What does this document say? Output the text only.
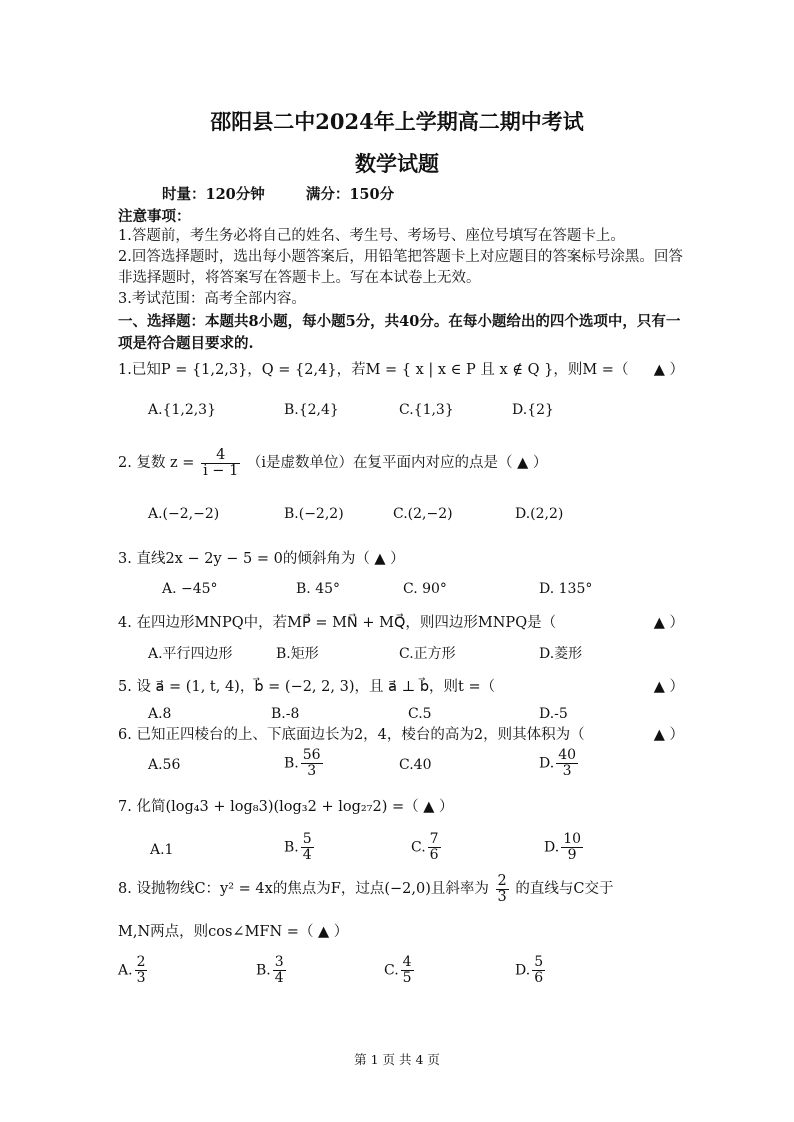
邵阳县二中2024年上学期高二期中考试
数学试题
时量：120分钟	满分：150分
注意事项：
1.答题前，考生务必将自己的姓名、考生号、考场号、座位号填写在答题卡上。
2.回答选择题时，选出每小题答案后，用铅笔把答题卡上对应题目的答案标号涂黑。回答非选择题时，将答案写在答题卡上。写在本试卷上无效。
3.考试范围：高考全部内容。
一、选择题：本题共8小题，每小题5分，共40分。在每小题给出的四个选项中，只有一项是符合题目要求的.
1.已知P = {1,2,3}，Q = {2,4}，若M = { x | x ∈ P 且 x ∉ Q }，则M =（ ▲ ）
A.{1,2,3}	B.{2,4}	C.{1,3}	D.{2}
2. 复数 $z = \frac{4}{i - 1} (i$是虚数单位）在复平面内对应的点是（ ▲ ）
A.(−2,−2)	B.(−2,2)	C.(2,−2)	D.(2,2)
3. 直线2x − 2y − 5 = 0的倾斜角为（ ▲ ）
A. −45°	B. 45°	C. 90°	D. 135°
4. 在四边形MNPQ中，若MP⃗ = MN⃗ + MQ⃗，则四边形MNPQ是（	▲ ）
A.平行四边形	B.矩形	C.正方形	D.菱形
5. 设 a⃗ = (1, t, 4)，b⃗ = (−2, 2, 3)，且 a⃗ ⊥ b⃗，则t =（	▲ ）
A.8	B.-8	C.5	D.-5
6. 已知正四棱台的上、下底面边长为2，4，棱台的高为2，则其体积为（	▲ ）
A.56	B. $\frac{56}{3}$	C.40	D. $\frac{40}{3}$
7. 化简(log₄3 + log₈3)(log₃2 + log₂₇2) =（ ▲ ）
A.1	B. $\frac{5}{4}$	C. $\frac{7}{6}$	D. $\frac{10}{9}$
8. 设抛物线C：y² = 4x的焦点为F，过点(−2,0)且斜率为 $\frac{2}{3}$ 的直线与C交于
M,N两点，则cos∠MFN =（ ▲ ）
A. $\frac{2}{3}$	B. $\frac{3}{4}$	C. $\frac{4}{5}$	D. $\frac{5}{6}$
第 1 页 共 4 页
